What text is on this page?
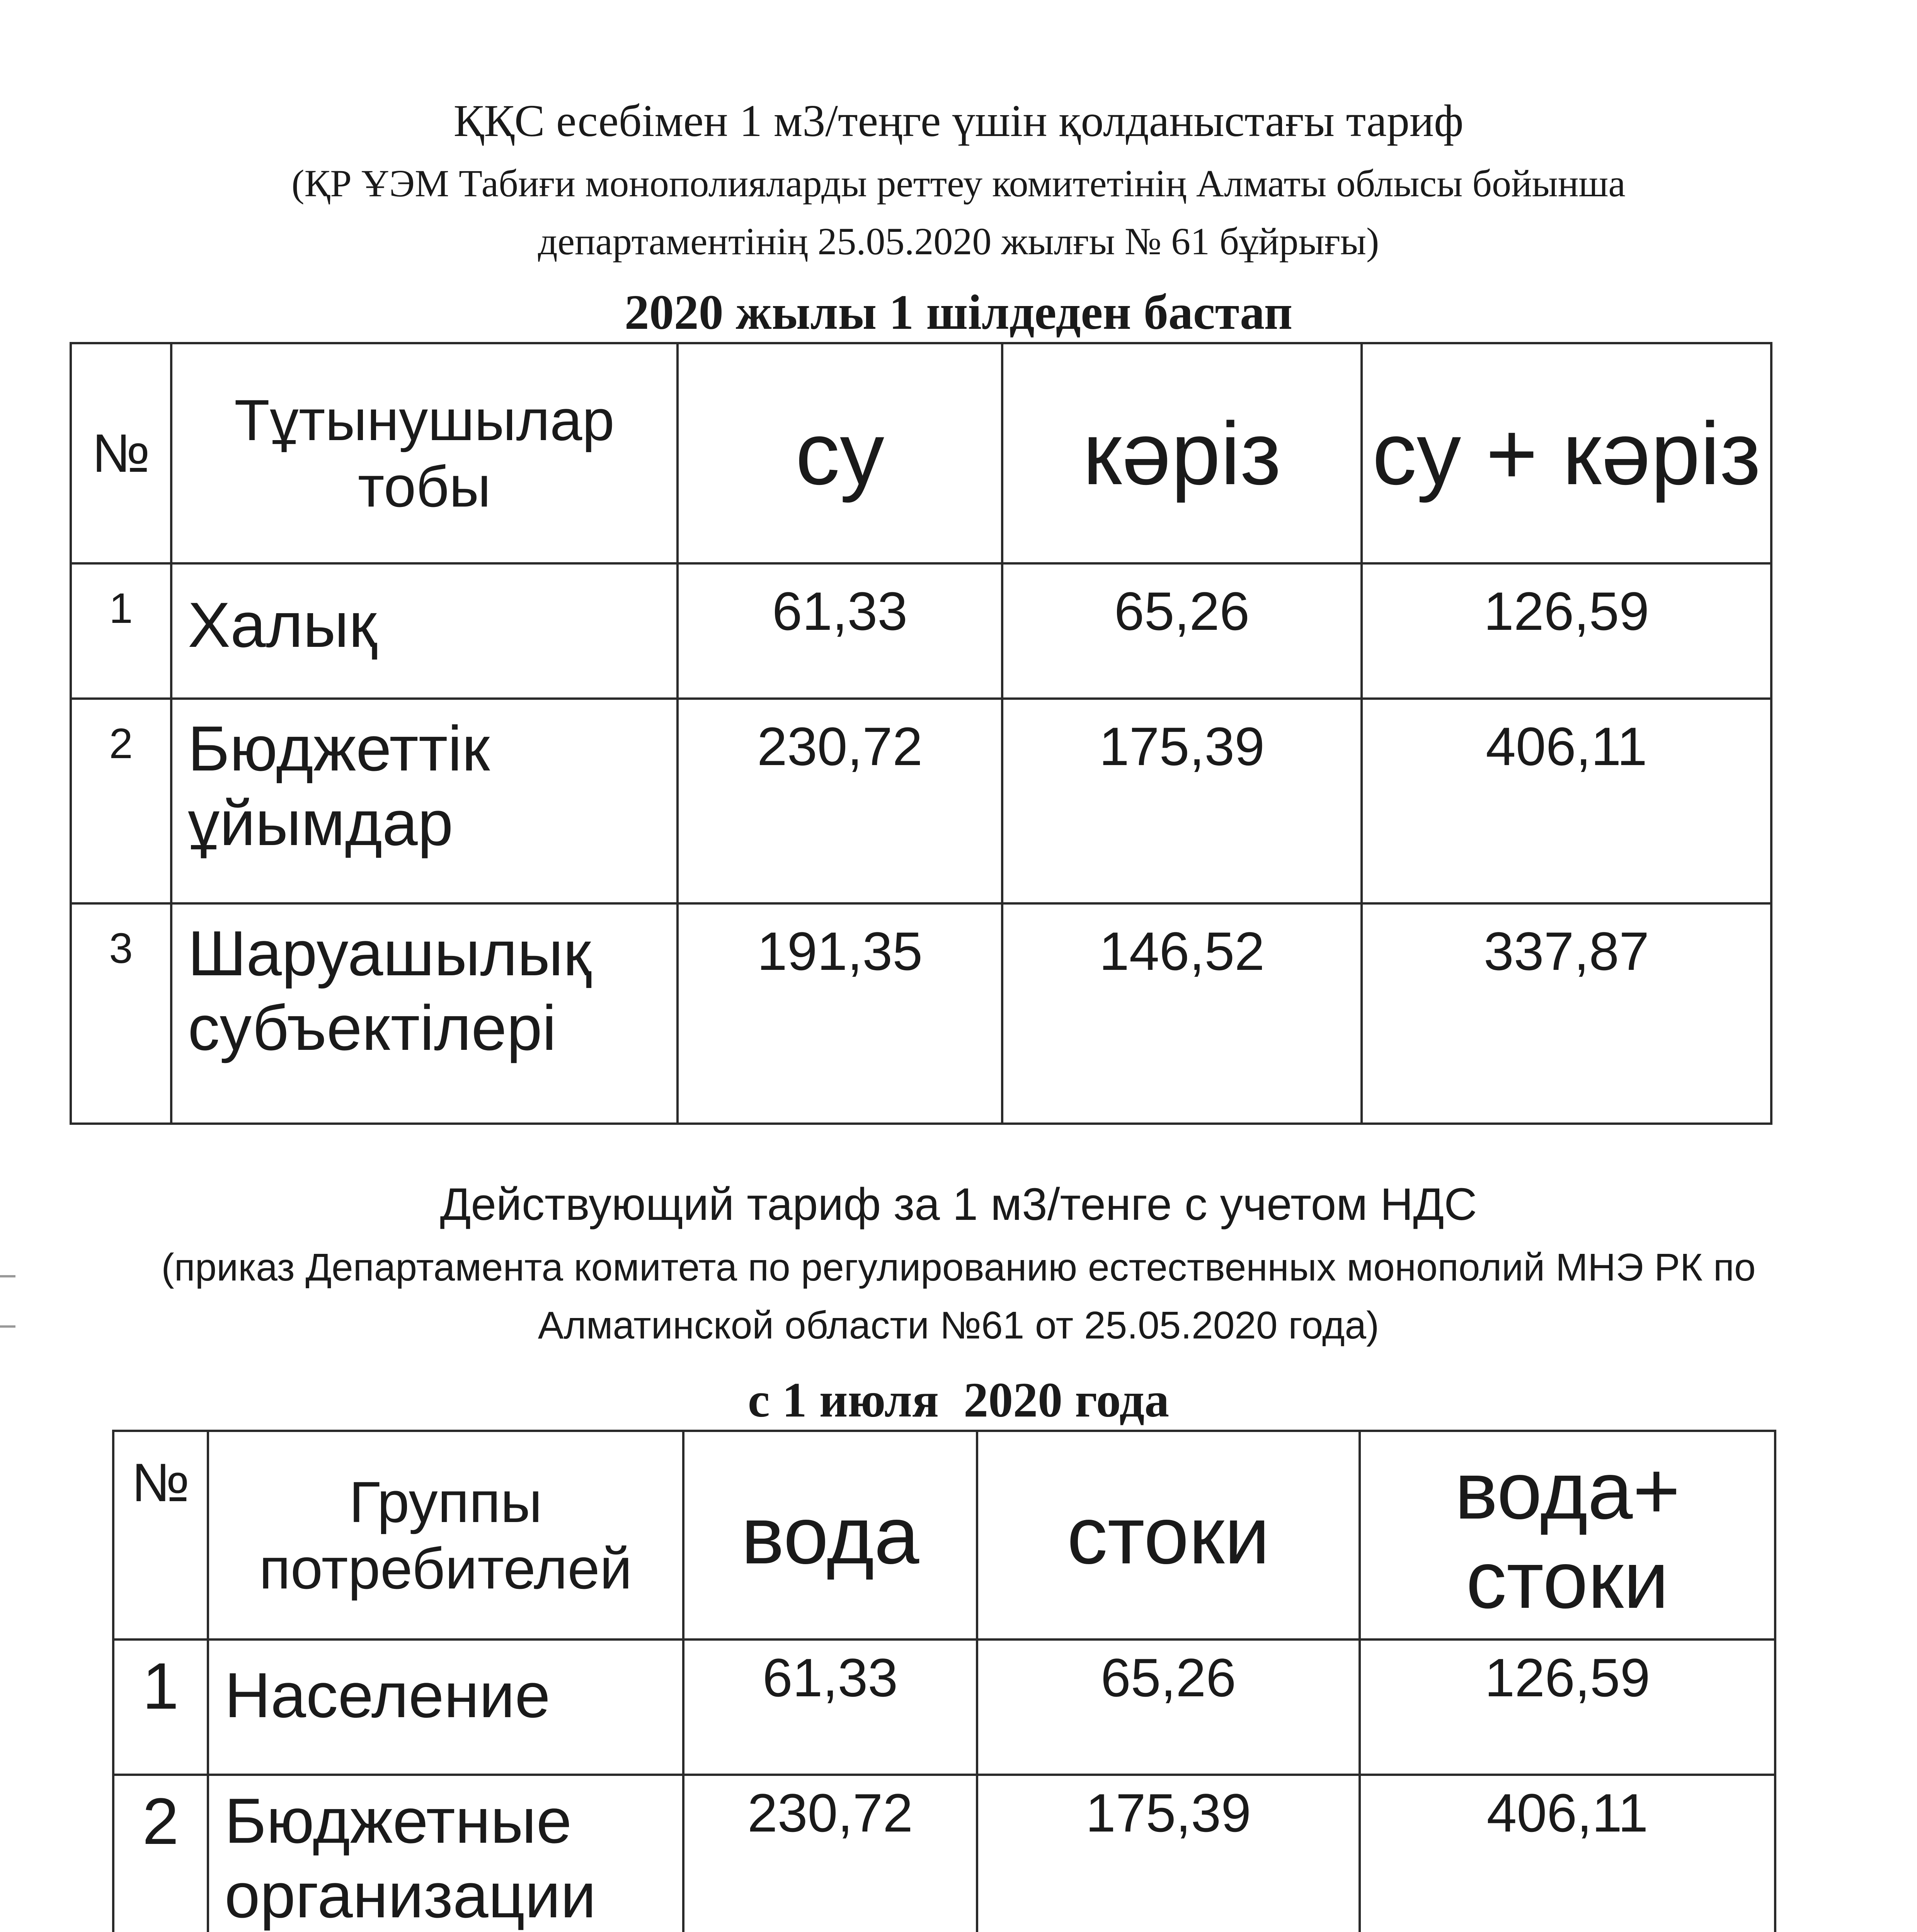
ҚҚС есебімен 1 м3/теңге үшін қолданыстағы тариф
(ҚР ҰЭМ Табиғи монополияларды реттеу комитетінің Алматы облысы бойынша
департаментінің 25.05.2020 жылғы № 61 бұйрығы)
2020 жылы 1 шілдеден бастап
№	Тұтынушылар тобы	су	кәріз	су + кәріз
1	Халық	61,33	65,26	126,59
2	Бюджеттік ұйымдар	230,72	175,39	406,11
3	Шаруашылық субъектілері	191,35	146,52	337,87
Действующий тариф за 1 м3/тенге с учетом НДС
(приказ Департамента комитета по регулированию естественных монополий МНЭ РК по
Алматинской области №61 от 25.05.2020 года)
с 1 июля  2020 года
№	Группы потребителей	вода	стоки	вода+ стоки
1	Население	61,33	65,26	126,59
2	Бюджетные организации	230,72	175,39	406,11
